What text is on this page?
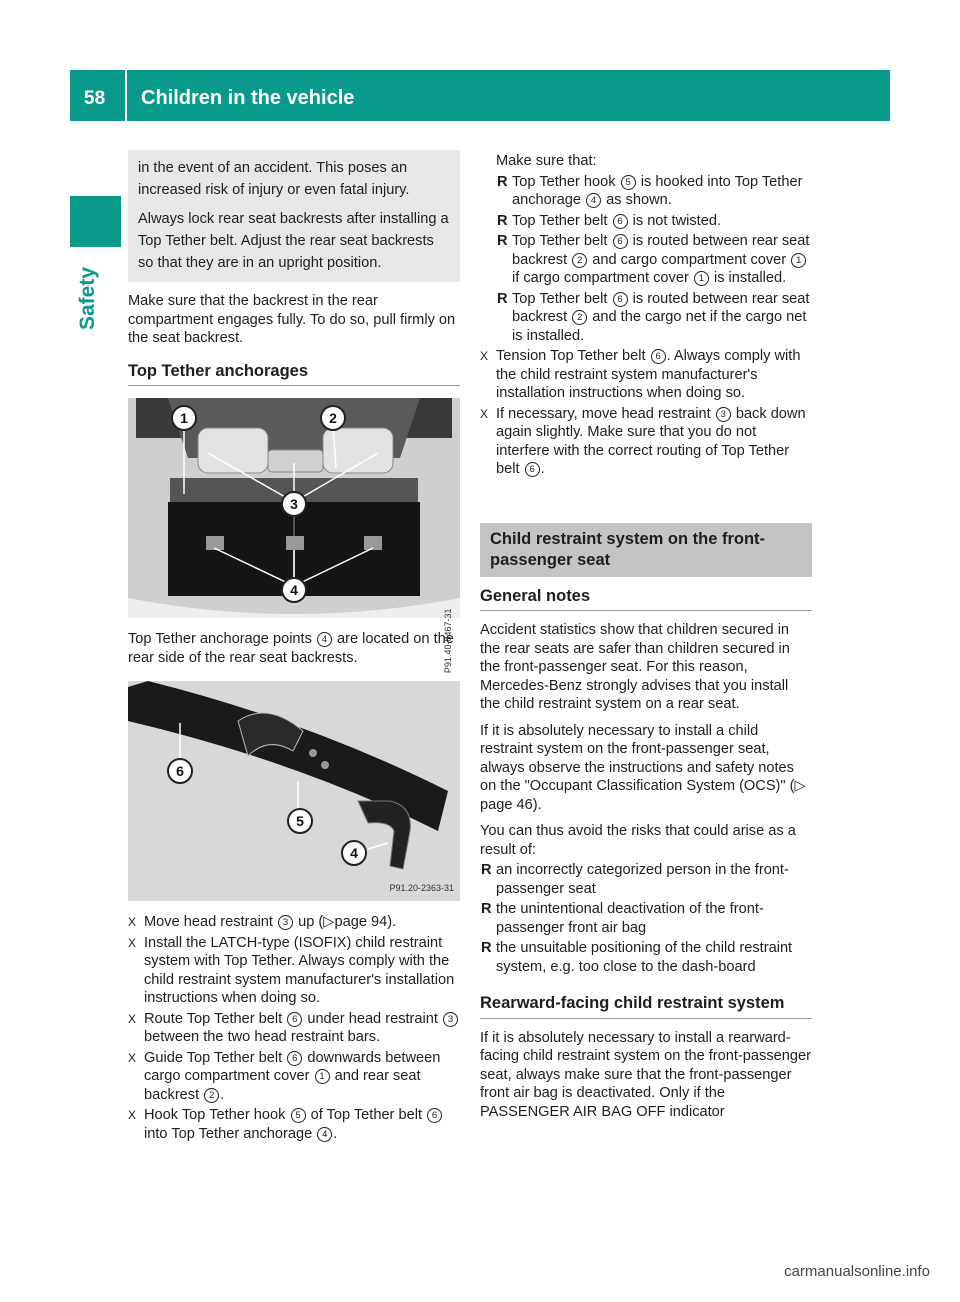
58 Children in the vehicle
Safety

in the event of an accident. This poses an increased risk of injury or even fatal injury.

Always lock rear seat backrests after installing a Top Tether belt. Adjust the rear seat backrests so that they are in an upright position.

Make sure that the backrest in the rear compartment engages fully. To do so, pull firmly on the seat backrest.

Top Tether anchorages
1	2
3
4
P91.40-8467-31

Top Tether anchorage points 4 are located on the rear side of the rear seat backrests.

6
5
4
P91.20-2363-31
X Move head restraint 3 up (▷page 94).
X Install the LATCH-type (ISOFIX) child restraint system with Top Tether. Always comply with the child restraint system manufacturer's installation instructions when doing so.
X Route Top Tether belt 6 under head restraint 3 between the two head restraint bars.
X Guide Top Tether belt 6 downwards between cargo compartment cover 1 and rear seat backrest 2 .
X Hook Top Tether hook 5 of Top Tether belt 6 into Top Tether anchorage 4 .

Make sure that:

R Top Tether hook 5 is hooked into Top Tether anchorage 4 as shown.
R Top Tether belt 6 is not twisted.
R Top Tether belt 6 is routed between rear seat backrest 2 and cargo compartment cover 1 if cargo compartment cover 1 is installed.
R Top Tether belt 6 is routed between rear seat backrest 2 and the cargo net if the cargo net is installed.
X Tension Top Tether belt 6 . Always comply with the child restraint system manufacturer's installation instructions when doing so.
X If necessary, move head restraint 3 back down again slightly. Make sure that you do not interfere with the correct routing of Top Tether belt 6 .
Child restraint system on the front-passenger seat
General notes

Accident statistics show that children secured in the rear seats are safer than children secured in the front-passenger seat. For this reason, Mercedes-Benz strongly advises that you install the child restraint system on a rear seat.

If it is absolutely necessary to install a child restraint system on the front-passenger seat, always observe the instructions and safety notes on the "Occupant Classification System (OCS)" (▷ page 46).

You can thus avoid the risks that could arise as a result of:

R an incorrectly categorized person in the front-passenger seat
R the unintentional deactivation of the front-passenger front air bag
R the unsuitable positioning of the child restraint system, e.g. too close to the dash-board
Rearward-facing child restraint system

If it is absolutely necessary to install a rearward-facing child restraint system on the front-passenger seat, always make sure that the front-passenger front air bag is deactivated. Only if the PASSENGER AIR BAG OFF indicator

carmanualsonline.info
